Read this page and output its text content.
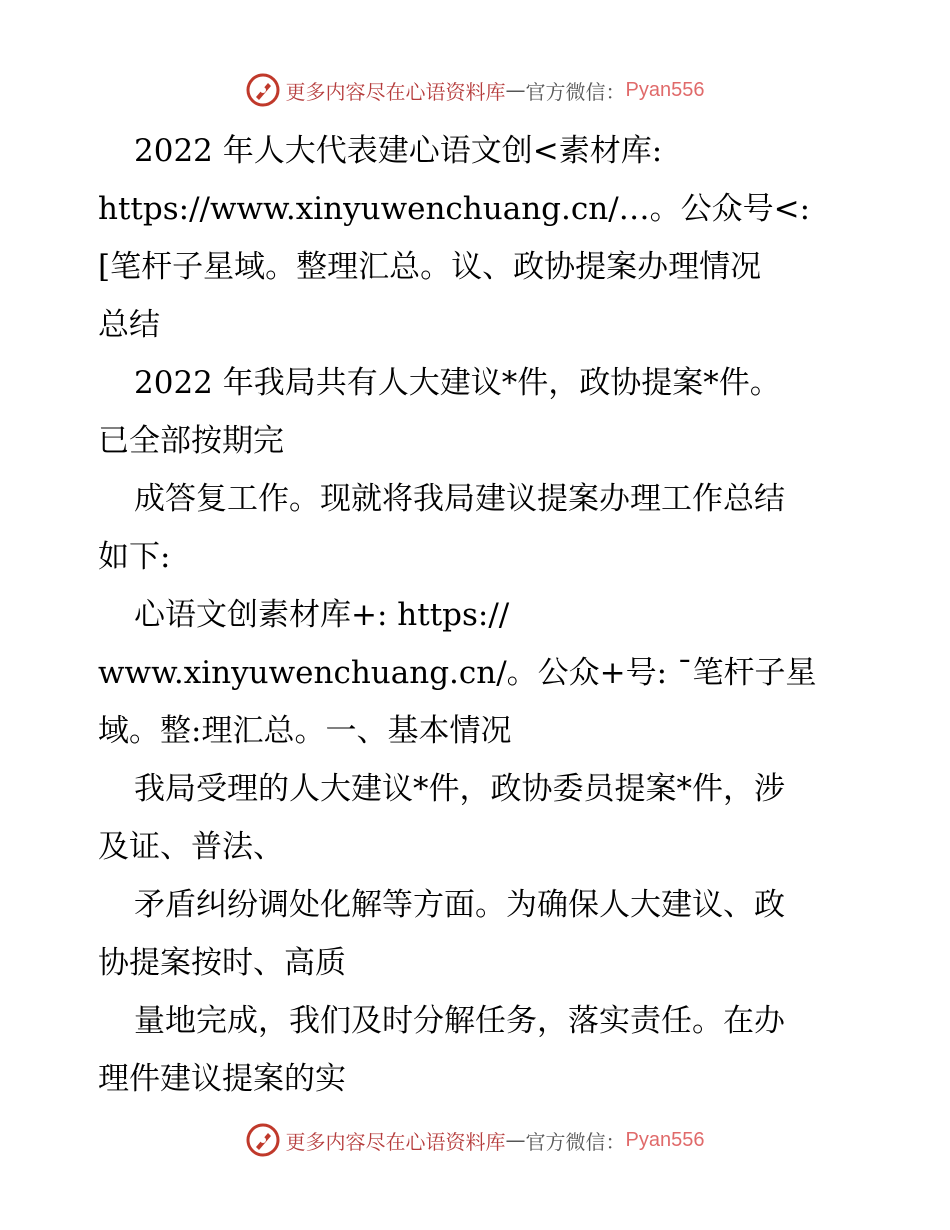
更多内容尽在心语资料库 — 官方微信： Pyan556
2022 年人大代表建心语文创<素材库:
https://www.xinyuwenchuang.cn/…。公众号<:
[笔杆子星域。整理汇总。议、政协提案办理情况
总结
2022 年我局共有人大建议*件，政协提案*件。
已全部按期完
成答复工作。现就将我局建议提案办理工作总结
如下:
心语文创素材库+: https://
www.xinyuwenchuang.cn/。公众+号: ¯笔杆子星
域。整:理汇总。一、基本情况
我局受理的人大建议*件，政协委员提案*件，涉
及证、普法、
矛盾纠纷调处化解等方面。为确保人大建议、政
协提案按时、高质
量地完成，我们及时分解任务，落实责任。在办
理件建议提案的实
更多内容尽在心语资料库 — 官方微信： Pyan556
